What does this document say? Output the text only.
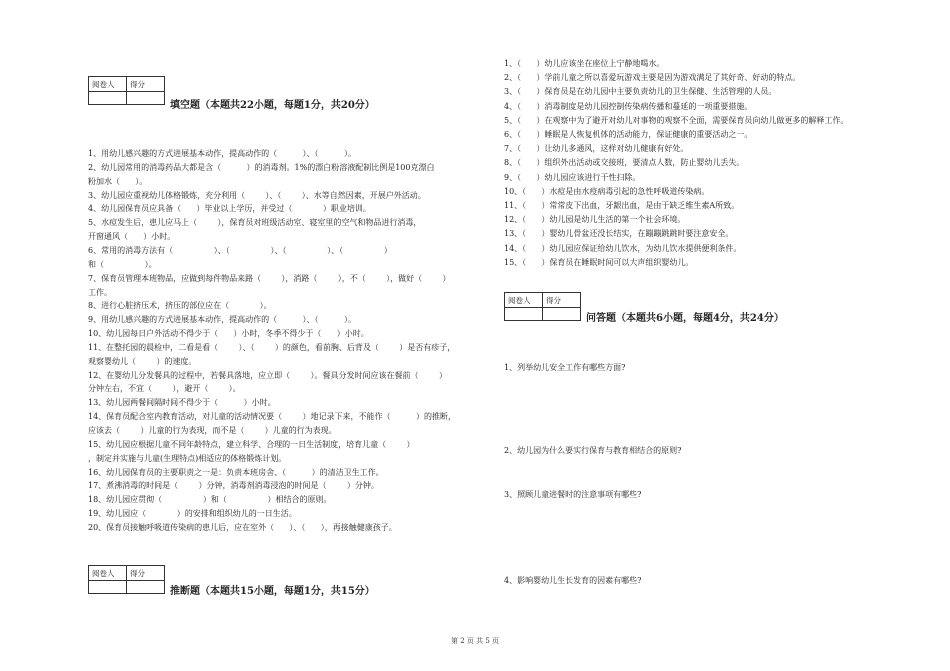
阅卷人	得分

填空题（本题共22小题，每题1分，共20分）
1、用幼儿感兴趣的方式进展基本动作，提高动作的（          ）、（          ）。
2、幼儿园常用的消毒药品大都是含（          ）的消毒剂。1%的漂白粉溶液配制比例是100克漂白
粉加水（      ）。
3、幼儿园应重视幼儿体格锻炼，充分利用（        ）、（        ）、水等自然因素，开展户外活动。
4、幼儿园保育员应具备（      ）毕业以上学历，并受过（            ）职业培训。
5、水痘发生后，患儿应马上（        ），保育员对班级活动室、寝室里的空气和物品进行消毒，
开窗通风（      ）小时。
6、常用的消毒方法有（                ）、（                ）、（                ）、（                ）
和（                ）。
7、保育员管理本班物品，应做到每件物品来路（        ），消路（        ），不（        ），做好（        ）
工作。
8、进行心脏挤压术，挤压的部位应在（            ）。
9、用幼儿感兴趣的方式进展基本动作，提高动作的（          ）、（          ）。
10、幼儿园每日户外活动不得少于（      ）小时，冬季不得少于（      ）小时。
11、在整托园的晨检中，二看是看（        ）、（        ）的颜色，看前胸、后背及（        ）是否有疹子，
观察婴幼儿（        ）的速度。
12、在婴幼儿分发餐具的过程中，若餐具落地，应立即（        ）。餐具分发时间应该在餐前（        ）
分钟左右，不宜（        ），避开（        ）。
13、幼儿园两餐间隔时间不得少于（          ）小时。
14、保育员配合室内教育活动，对儿童的活动情况要（        ）地记录下来，不能作（          ）的推断，
应该去（        ）儿童的行为表现，而不是（        ）儿童的行为表现。
15、幼儿园应根据儿童不同年龄特点，建立科学、合理的一日生活制度，培育儿童（        ）
，制定并实施与儿童(生理特点)相适应的体格锻炼计划。
16、幼儿园保育员的主要职责之一是：负责本班房舍、（          ）的清洁卫生工作。
17、煮沸消毒的时间是（        ）分钟，消毒剂消毒浸泡的时间是（        ）分钟。
18、幼儿园应贯彻（                ）和（                ）相结合的原则。
19、幼儿园应（            ）的安排和组织幼儿的一日生活。
20、保育员接触呼吸道传染病的患儿后，应在室外（      ）、（      ），再接触健康孩子。
阅卷人	得分

推断题（本题共15小题，每题1分，共15分）
1、（      ）幼儿应该坐在座位上宁静地喝水。
2、（      ）学前儿童之所以喜爱玩游戏主要是因为游戏满足了其好奇、好动的特点。
3、（      ）保育员是在幼儿园中主要负责幼儿的卫生保健、生活管理的人员。
4、（      ）消毒制度是幼儿园控制传染病传播和蔓延的一项重要措施。
5、（      ）在观察中为了避开对幼儿对事物的观察不全面，需要保育员向幼儿做更多的解释工作。
6、（      ）睡眠是人恢复机体的活动能力，保证健康的重要活动之一。
7、（      ）让幼儿多通风，这样对幼儿健康有好处。
8、（      ）组织外出活动或交接班，要清点人数，防止婴幼儿丢失。
9、（      ）幼儿园应该进行干性扫除。
10、（      ）水痘是由水疫病毒引起的急性呼吸道传染病。
11、（      ）常常皮下出血，牙龈出血，是由于缺乏维生素A所致。
12、（      ）幼儿园是幼儿生活的第一个社会环境。
13、（      ）婴幼儿骨盆还没长结实，在蹦蹦跳跳时要注意安全。
14、（      ）幼儿园应保证给幼儿饮水，为幼儿饮水提供便利条件。
15、（      ）保育员在睡眠时间可以大声组织婴幼儿。
阅卷人	得分

问答题（本题共6小题，每题4分，共24分）
1、列举幼儿安全工作有哪些方面?
2、幼儿园为什么要实行保育与教育相结合的原则?
3、照顾儿童进餐时的注意事项有哪些?
4、影响婴幼儿生长发育的因素有哪些?
第 2 页 共 5 页
